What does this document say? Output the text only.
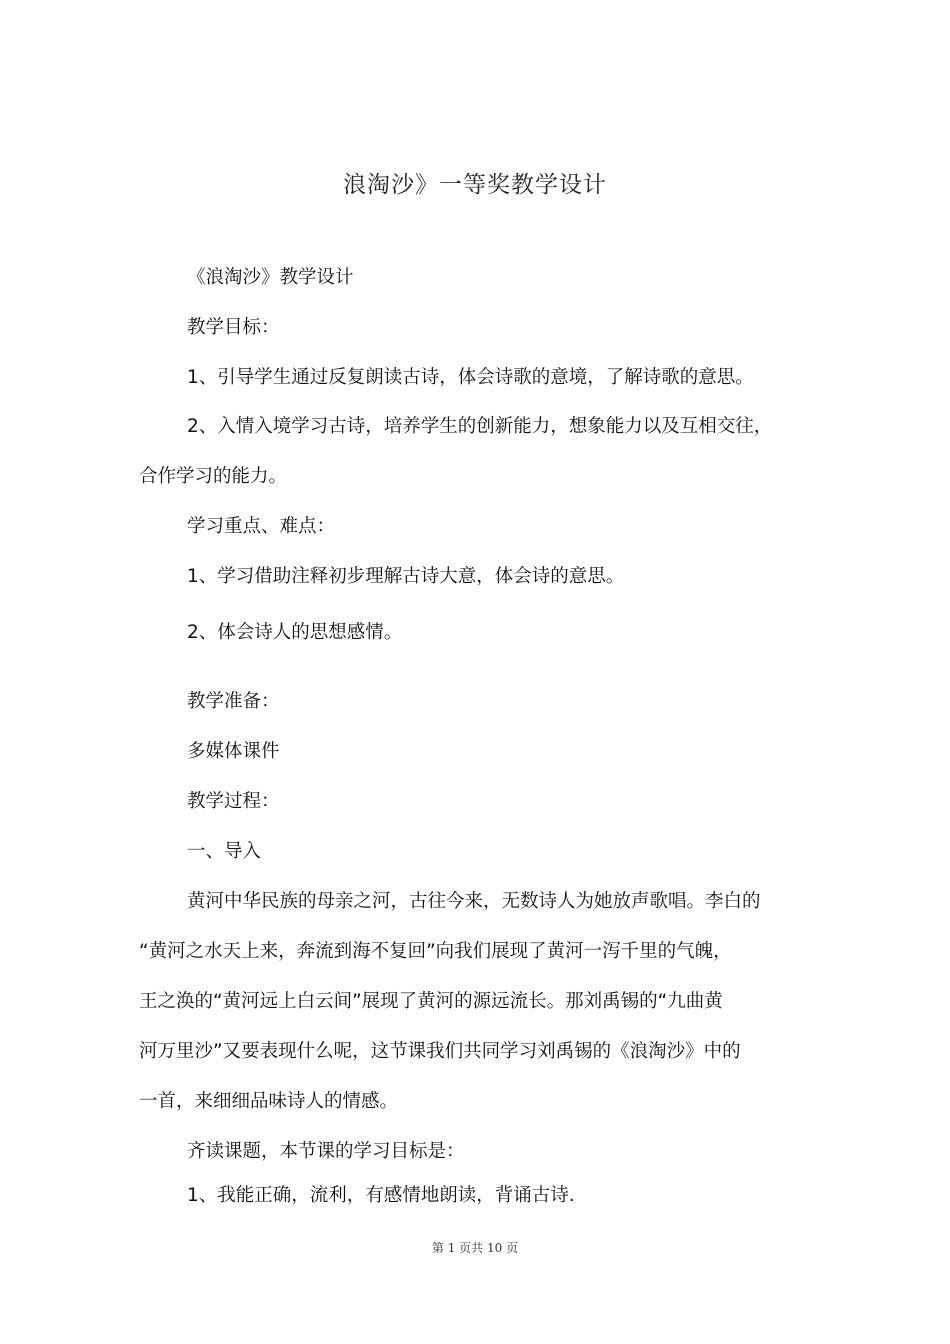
浪淘沙》一等奖教学设计
《浪淘沙》教学设计
教学目标：
1、引导学生通过反复朗读古诗，体会诗歌的意境，了解诗歌的意思。
2、入情入境学习古诗，培养学生的创新能力，想象能力以及互相交往，
合作学习的能力。
学习重点、难点：
1、学习借助注释初步理解古诗大意，体会诗的意思。
2、体会诗人的思想感情。
教学准备：
多媒体课件
教学过程：
一、导入
黄河中华民族的母亲之河，古往今来，无数诗人为她放声歌唱。李白的
“黄河之水天上来，奔流到海不复回”向我们展现了黄河一泻千里的气魄，
王之涣的“黄河远上白云间”展现了黄河的源远流长。那刘禹锡的“九曲黄
河万里沙”又要表现什么呢，这节课我们共同学习刘禹锡的《浪淘沙》中的
一首，来细细品味诗人的情感。
齐读课题，本节课的学习目标是：
1、我能正确，流利，有感情地朗读，背诵古诗.
第 1 页共 10 页
